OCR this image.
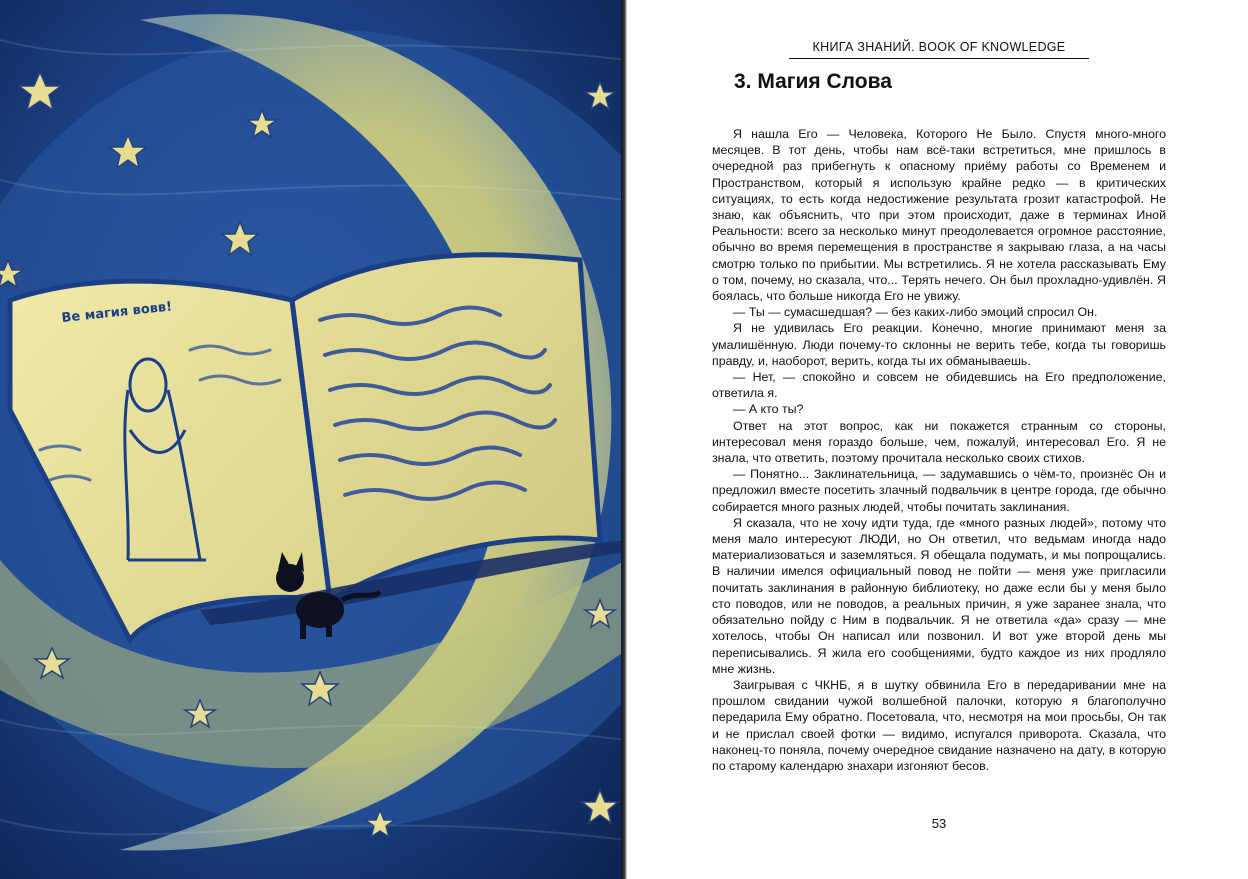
Ве магия вовв!
КНИГА ЗНАНИЙ. BOOK OF KNOWLEDGE
3. Магия Слова

Я нашла Его — Человека, Которого Не Было. Спустя много-много месяцев. В тот день, чтобы нам всё-таки встретиться, мне пришлось в очередной раз прибегнуть к опасному приёму работы со Временем и Пространством, который я использую крайне редко — в критических ситуациях, то есть когда недостижение результата грозит катастрофой. Не знаю, как объяснить, что при этом происходит, даже в терминах Иной Реальности: всего за несколько минут преодолевается огромное расстояние, обычно во время перемещения в пространстве я закрываю глаза, а на часы смотрю только по прибытии. Мы встретились. Я не хотела рассказывать Ему о том, почему, но сказала, что... Терять нечего. Он был прохладно-удивлён. Я боялась, что больше никогда Его не увижу.

— Ты — сумасшедшая? — без каких-либо эмоций спросил Он.

Я не удивилась Его реакции. Конечно, многие принимают меня за умалишённую. Люди почему-то склонны не верить тебе, когда ты говоришь правду, и, наоборот, верить, когда ты их обманываешь.

— Нет, — спокойно и совсем не обидевшись на Его предположение, ответила я.

— А кто ты?

Ответ на этот вопрос, как ни покажется странным со стороны, интересовал меня гораздо больше, чем, пожалуй, интересовал Его. Я не знала, что ответить, поэтому прочитала несколько своих стихов.

— Понятно... Заклинательница, — задумавшись о чём-то, произнёс Он и предложил вместе посетить злачный подвальчик в центре города, где обычно собирается много разных людей, чтобы почитать заклинания.

Я сказала, что не хочу идти туда, где «много разных людей», потому что меня мало интересуют ЛЮДИ, но Он ответил, что ведьмам иногда надо материализоваться и заземляться. Я обещала подумать, и мы попрощались. В наличии имелся официальный повод не пойти — меня уже пригласили почитать заклинания в районную библиотеку, но даже если бы у меня было сто поводов, или не поводов, а реальных причин, я уже заранее знала, что обязательно пойду с Ним в подвальчик. Я не ответила «да» сразу — мне хотелось, чтобы Он написал или позвонил. И вот уже второй день мы переписывались. Я жила его сообщениями, будто каждое из них продляло мне жизнь.

Заигрывая с ЧКНБ, я в шутку обвинила Его в передаривании мне на прошлом свидании чужой волшебной палочки, которую я благополучно передарила Ему обратно. Посетовала, что, несмотря на мои просьбы, Он так и не прислал своей фотки — видимо, испугался приворота. Сказала, что наконец-то поняла, почему очередное свидание назначено на дату, в которую по старому календарю знахари изгоняют бесов.

53
